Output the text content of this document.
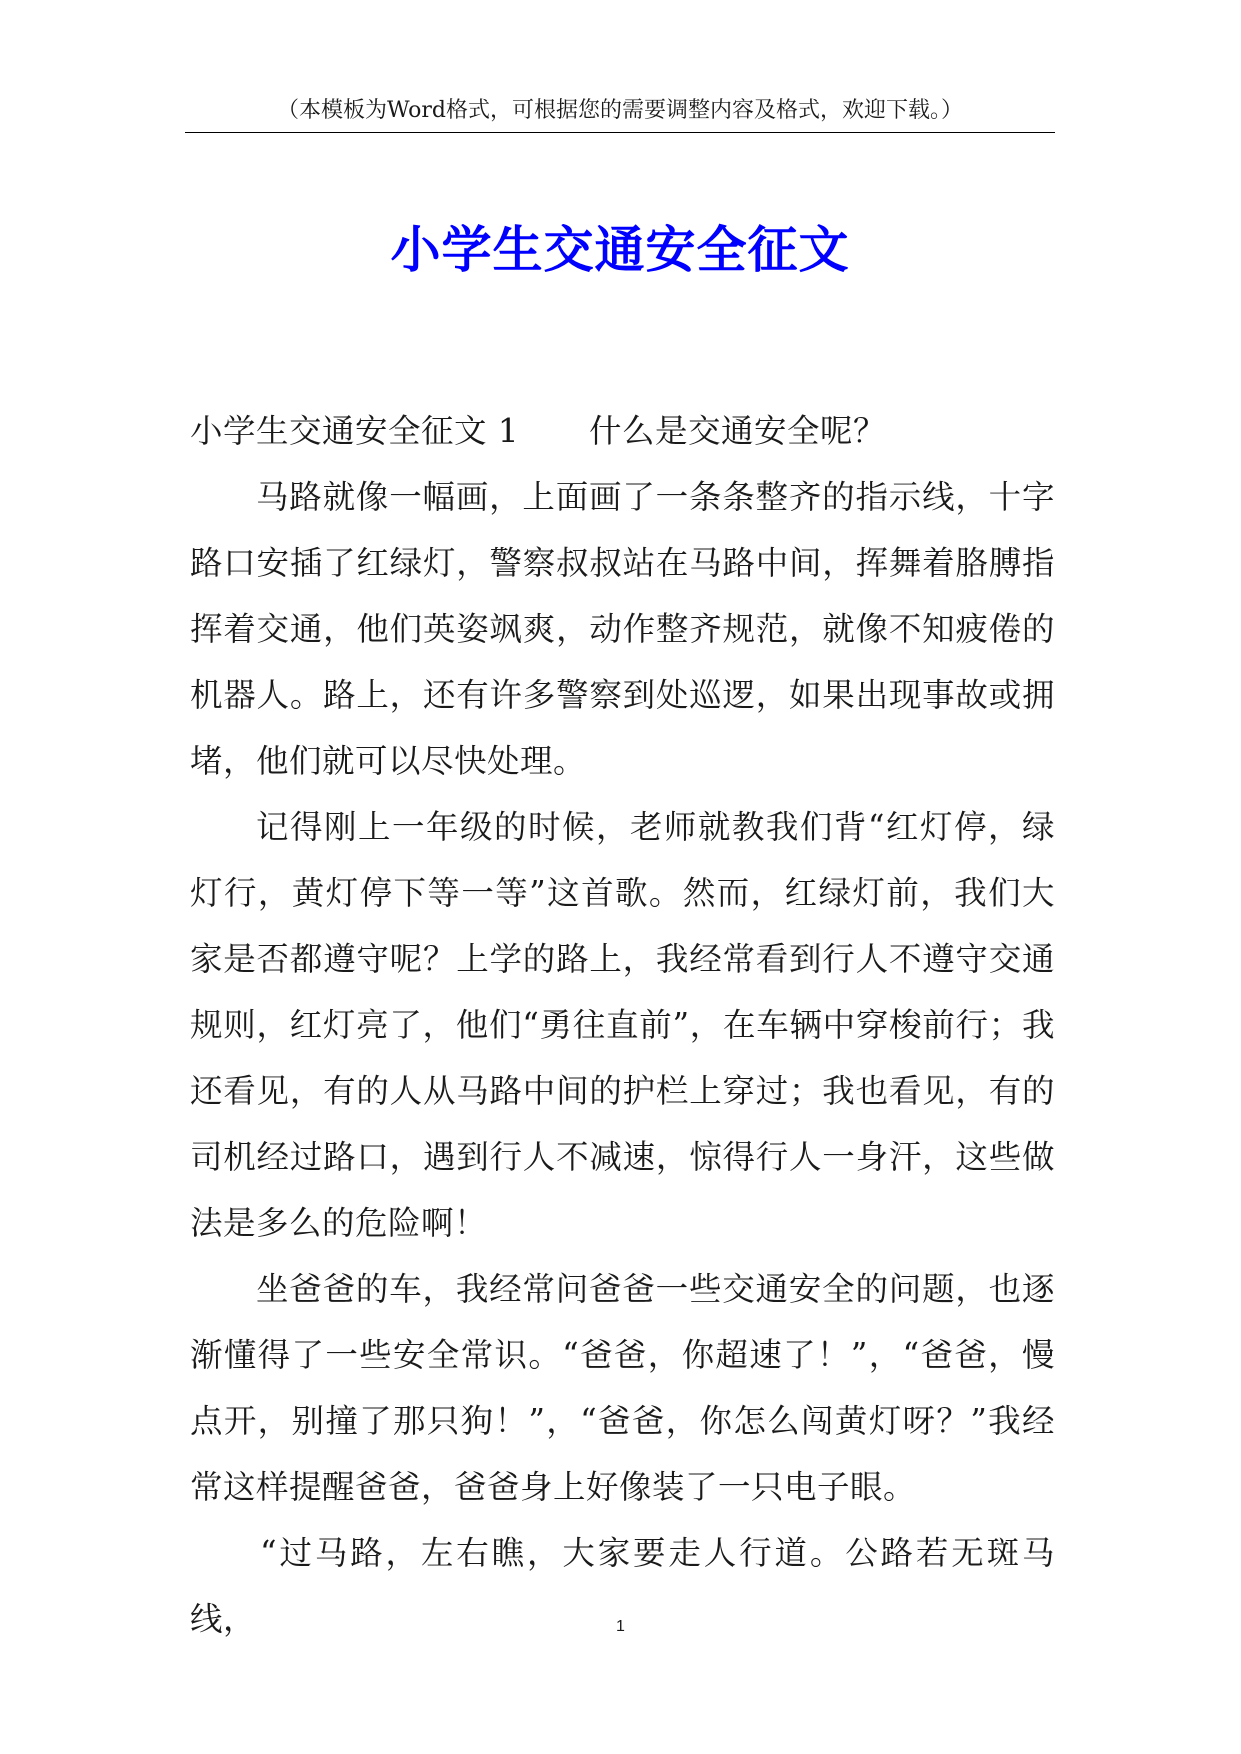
（本模板为Word格式，可根据您的需要调整内容及格式，欢迎下载。）
小学生交通安全征文

小学生交通安全征文 1 什么是交通安全呢？

马路就像一幅画，上面画了一条条整齐的指示线，十字路口安插了红绿灯，警察叔叔站在马路中间，挥舞着胳膊指挥着交通，他们英姿飒爽，动作整齐规范，就像不知疲倦的机器人。路上，还有许多警察到处巡逻，如果出现事故或拥堵，他们就可以尽快处理。

记得刚上一年级的时候，老师就教我们背“红灯停，绿灯行，黄灯停下等一等”这首歌。然而，红绿灯前，我们大家是否都遵守呢？上学的路上，我经常看到行人不遵守交通规则，红灯亮了，他们“勇往直前”，在车辆中穿梭前行；我还看见，有的人从马路中间的护栏上穿过；我也看见，有的司机经过路口，遇到行人不减速，惊得行人一身汗，这些做法是多么的危险啊！

坐爸爸的车，我经常问爸爸一些交通安全的问题，也逐渐懂得了一些安全常识。“爸爸，你超速了！”，“爸爸，慢点开，别撞了那只狗！”，“爸爸，你怎么闯黄灯呀？”我经常这样提醒爸爸，爸爸身上好像装了一只电子眼。

“过马路，左右瞧，大家要走人行道。公路若无斑马线，	1
